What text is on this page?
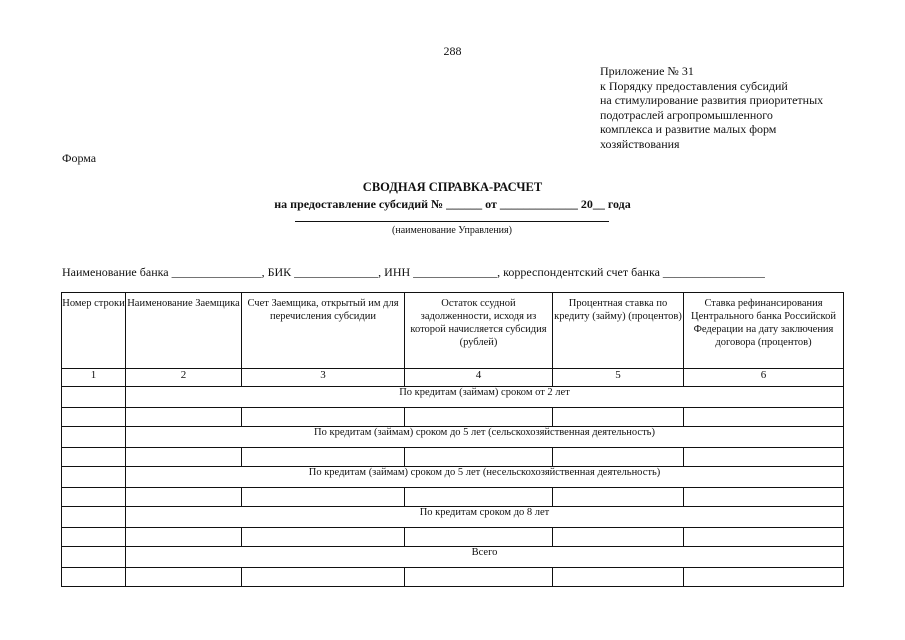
288
Приложение № 31
к Порядку предоставления субсидий
на стимулирование развития приоритетных
подотраслей агропромышленного
комплекса и развитие малых форм
хозяйствования
Форма
СВОДНАЯ СПРАВКА-РАСЧЕТ
на предоставление субсидий № ______ от _____________ 20__ года
(наименование Управления)
Наименование банка _______________, БИК ______________, ИНН ______________, корреспондентский счет банка _________________
Номер строки	Наименование Заемщика	Счет Заемщика, открытый им для перечисления субсидии	Остаток ссудной задолженности, исходя из которой начисляется субсидия (рублей)	Процентная ставка по кредиту (займу) (процентов)	Ставка рефинансирования Центрального банка Российской Федерации на дату заключения договора (процентов)
1	2	3	4	5	6
	По кредитам (займам) сроком от 2 лет				

	По кредитам (займам) сроком до 5 лет (сельскохозяйственная деятельность)				

	По кредитам (займам) сроком до 5 лет (несельскохозяйственная деятельность)				

	По кредитам сроком до 8 лет				

	Всего				
